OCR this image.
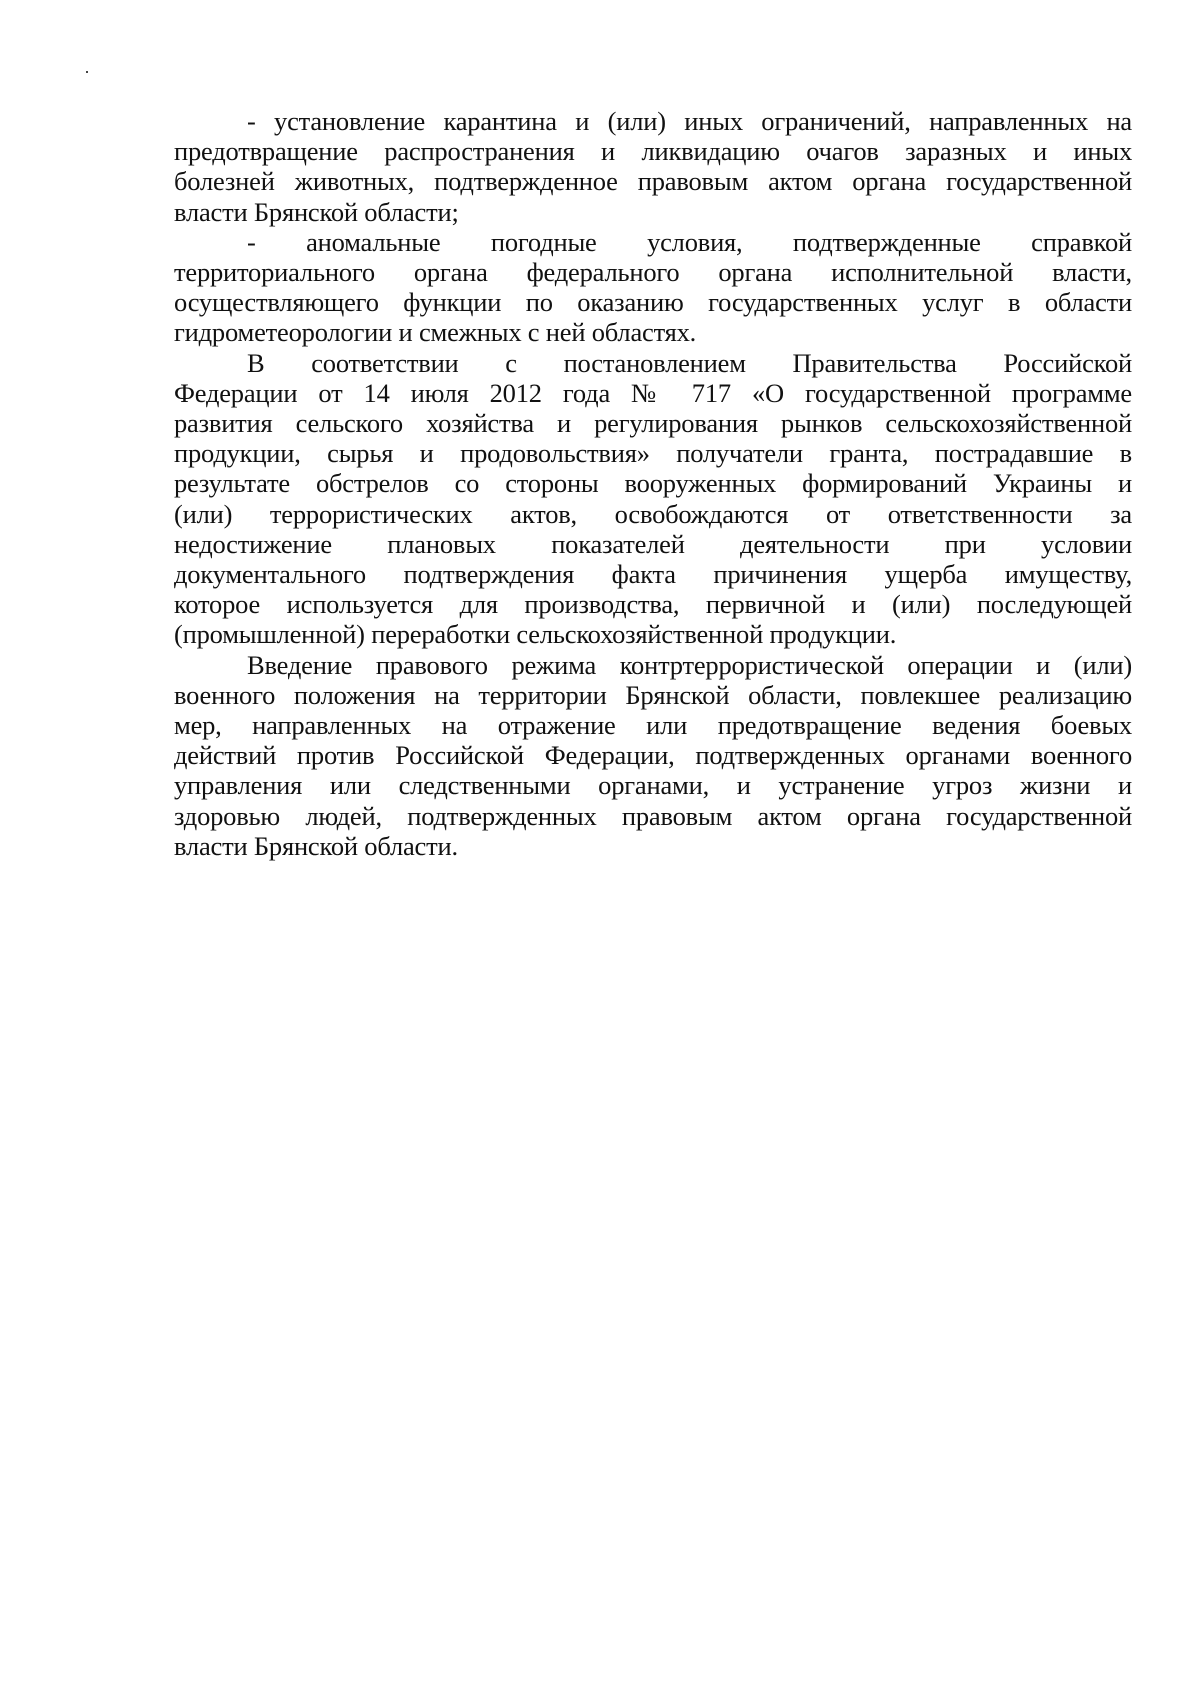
- установление карантина и (или) иных ограничений, направленных на
предотвращение распространения и ликвидацию очагов заразных и иных
болезней животных, подтвержденное правовым актом органа государственной
власти Брянской области;

- аномальные погодные условия, подтвержденные справкой
территориального органа федерального органа исполнительной власти,
осуществляющего функции по оказанию государственных услуг в области
гидрометеорологии и смежных с ней областях.

В соответствии с постановлением Правительства Российской
Федерации от 14 июля 2012 года № 717 «О государственной программе
развития сельского хозяйства и регулирования рынков сельскохозяйственной
продукции, сырья и продовольствия» получатели гранта, пострадавшие в
результате обстрелов со стороны вооруженных формирований Украины и
(или) террористических актов, освобождаются от ответственности за
недостижение плановых показателей деятельности при условии
документального подтверждения факта причинения ущерба имуществу,
которое используется для производства, первичной и (или) последующей
(промышленной) переработки сельскохозяйственной продукции.

Введение правового режима контртеррористической операции и (или)
военного положения на территории Брянской области, повлекшее реализацию
мер, направленных на отражение или предотвращение ведения боевых
действий против Российской Федерации, подтвержденных органами военного
управления или следственными органами, и устранение угроз жизни и
здоровью людей, подтвержденных правовым актом органа государственной
власти Брянской области.
